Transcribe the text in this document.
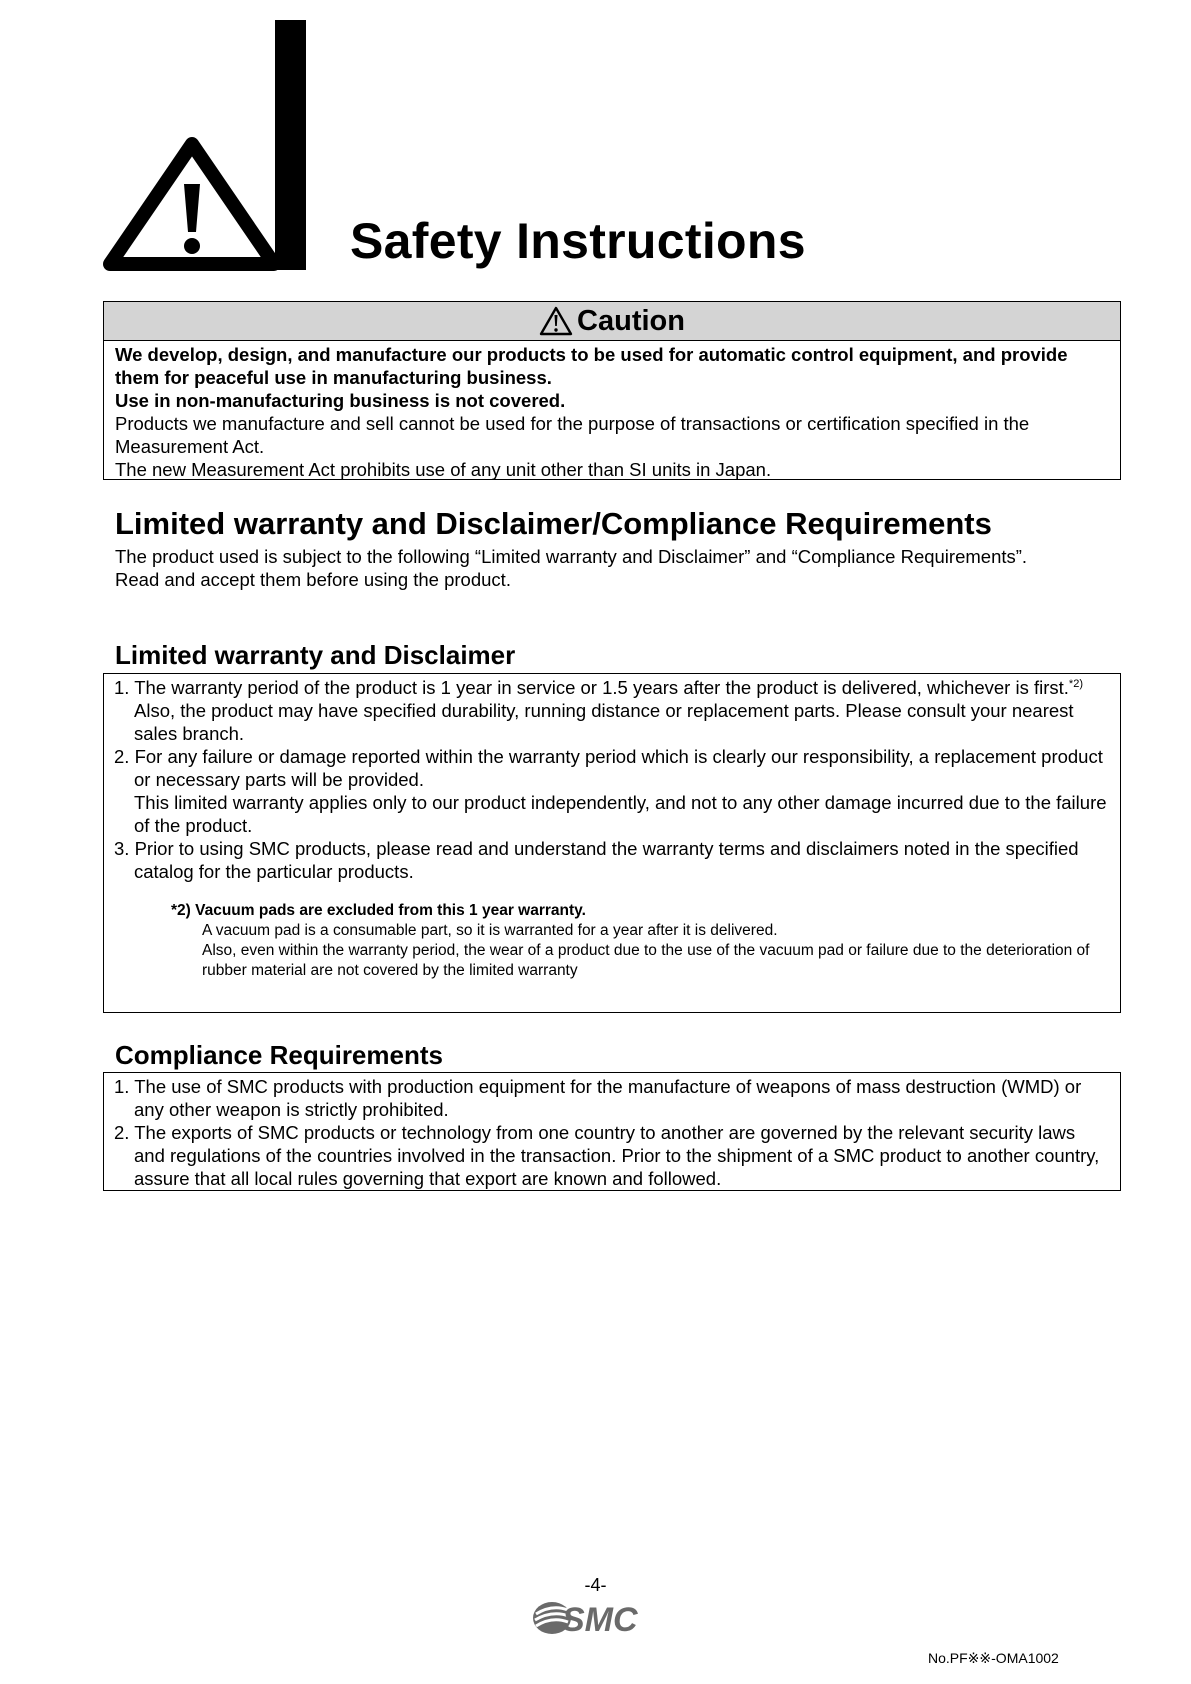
Safety Instructions
Caution
We develop, design, and manufacture our products to be used for automatic control equipment, and provide them for peaceful use in manufacturing business.
Use in non-manufacturing business is not covered.
Products we manufacture and sell cannot be used for the purpose of transactions or certification specified in the Measurement Act.
The new Measurement Act prohibits use of any unit other than SI units in Japan.
Limited warranty and Disclaimer/Compliance Requirements
The product used is subject to the following “Limited warranty and Disclaimer” and “Compliance Requirements”.
Read and accept them before using the product.
Limited warranty and Disclaimer
1. The warranty period of the product is 1 year in service or 1.5 years after the product is delivered, whichever is first.$^{*2)}$
Also, the product may have specified durability, running distance or replacement parts. Please consult your nearest sales branch.
2. For any failure or damage reported within the warranty period which is clearly our responsibility, a replacement product or necessary parts will be provided.
This limited warranty applies only to our product independently, and not to any other damage incurred due to the failure of the product.
3. Prior to using SMC products, please read and understand the warranty terms and disclaimers noted in the specified catalog for the particular products.
*2) Vacuum pads are excluded from this 1 year warranty.
A vacuum pad is a consumable part, so it is warranted for a year after it is delivered.
Also, even within the warranty period, the wear of a product due to the use of the vacuum pad or failure due to the deterioration of rubber material are not covered by the limited warranty
Compliance Requirements
1. The use of SMC products with production equipment for the manufacture of weapons of mass destruction (WMD) or any other weapon is strictly prohibited.
2. The exports of SMC products or technology from one country to another are governed by the relevant security laws and regulations of the countries involved in the transaction. Prior to the shipment of a SMC product to another country, assure that all local rules governing that export are known and followed.
-4-
SMC
No.PF※※-OMA1002
